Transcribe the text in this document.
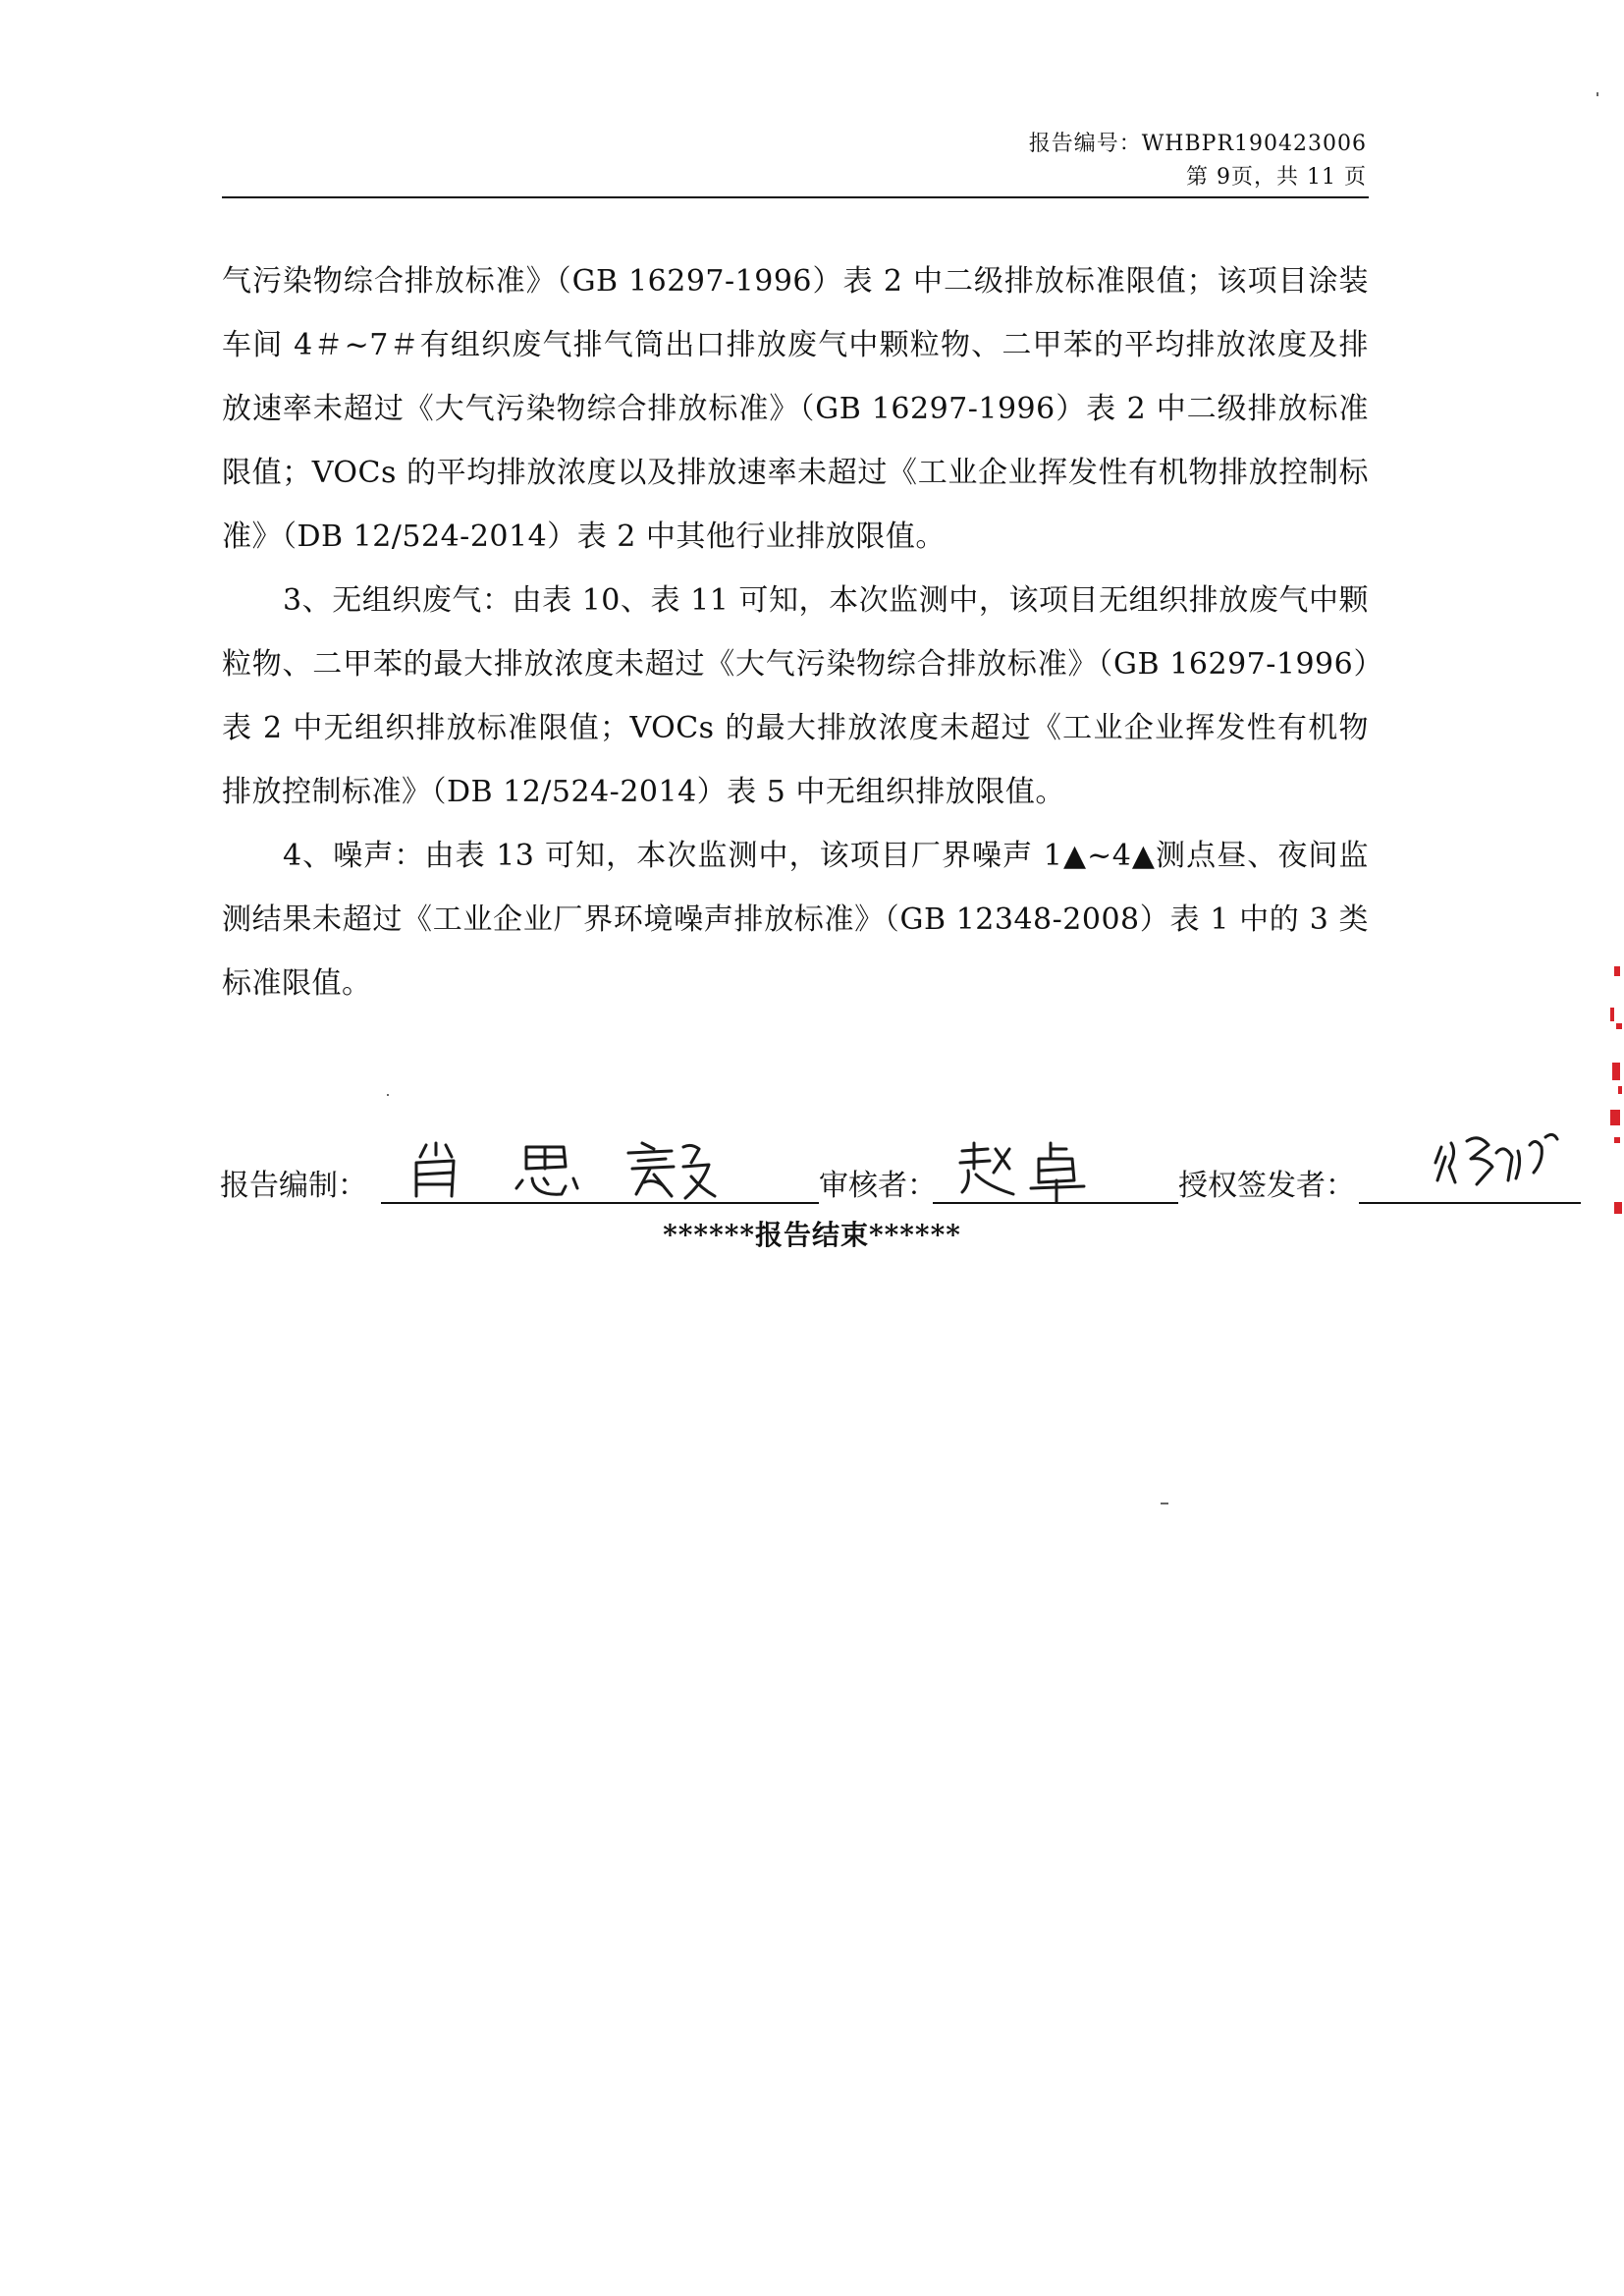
报告编号：WHBPR190423006
第 9页，共 11 页

气污染物综合排放标准》（GB 16297-1996）表 2 中二级排放标准限值；该项目涂装车间 4＃~7＃有组织废气排气筒出口排放废气中颗粒物、二甲苯的平均排放浓度及排放速率未超过《大气污染物综合排放标准》（GB 16297-1996）表 2 中二级排放标准限值；VOCs 的平均排放浓度以及排放速率未超过《工业企业挥发性有机物排放控制标准》（DB 12/524-2014）表 2 中其他行业排放限值。

3、无组织废气：由表 10、表 11 可知，本次监测中，该项目无组织排放废气中颗粒物、二甲苯的最大排放浓度未超过《大气污染物综合排放标准》（GB 16297-1996）表 2 中无组织排放标准限值；VOCs 的最大排放浓度未超过《工业企业挥发性有机物排放控制标准》（DB 12/524-2014）表 5 中无组织排放限值。

4、噪声：由表 13 可知，本次监测中，该项目厂界噪声 1▲~4▲测点昼、夜间监测结果未超过《工业企业厂界环境噪声排放标准》（GB 12348-2008）表 1 中的 3 类标准限值。

报告编制：	审核者：	授权签发者：
******报告结束******
